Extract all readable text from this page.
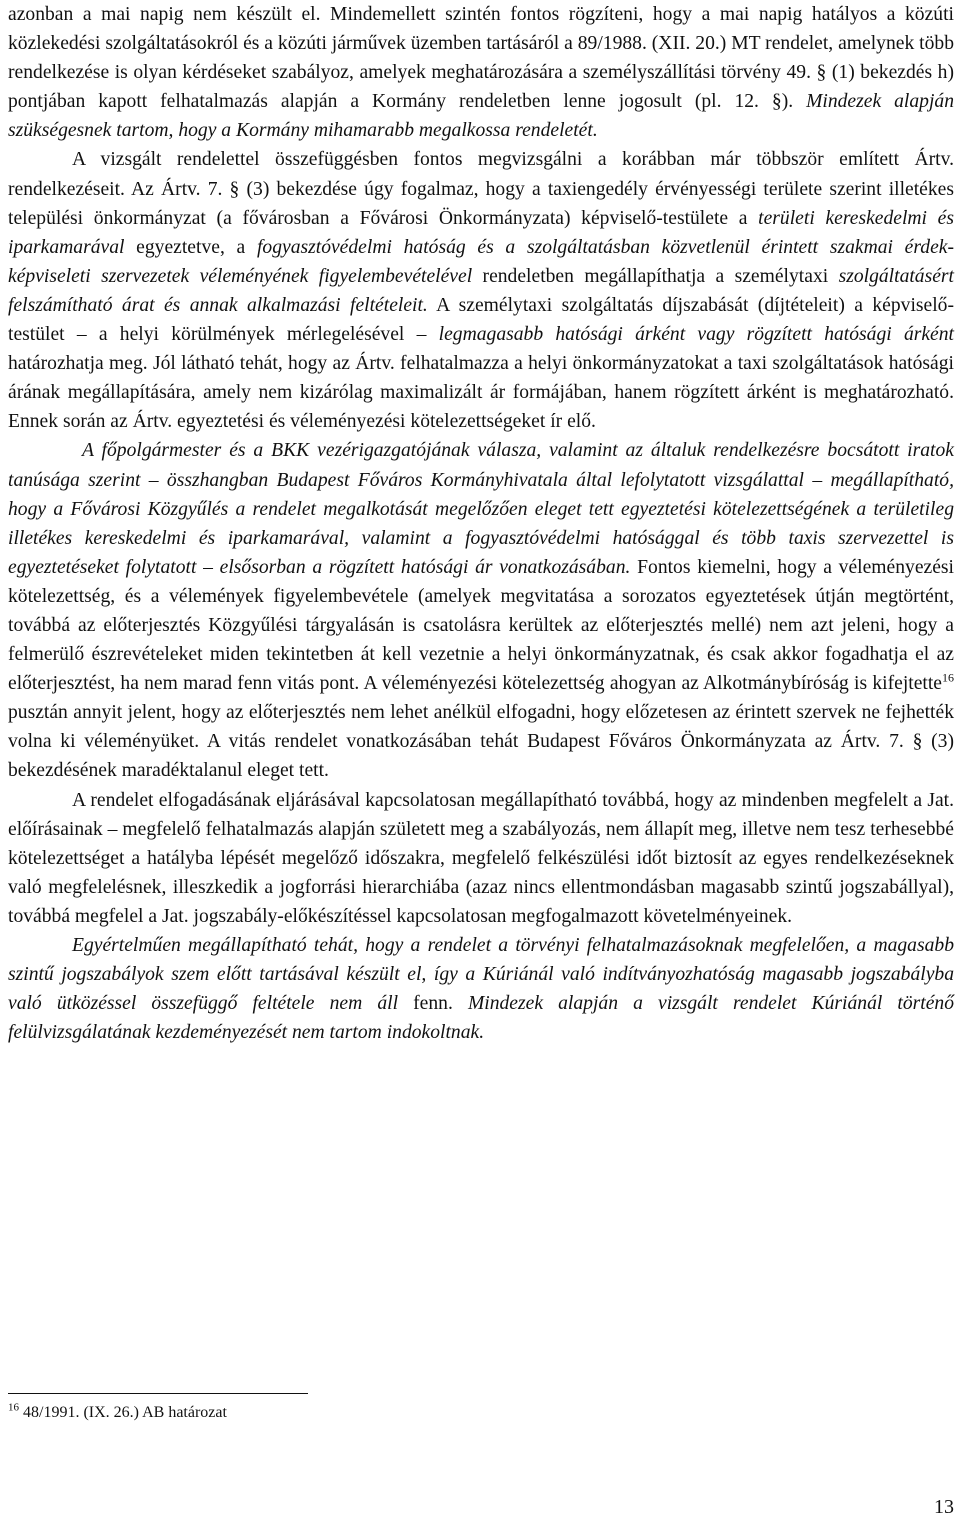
azonban a mai napig nem készült el. Mindemellett szintén fontos rögzíteni, hogy a mai napig hatályos a közúti közlekedési szolgáltatásokról és a közúti járművek üzemben tartásáról a 89/1988. (XII. 20.) MT rendelet, amelynek több rendelkezése is olyan kérdéseket szabályoz, amelyek meghatározására a személyszállítási törvény 49. § (1) bekezdés h) pontjában kapott felhatalmazás alapján a Kormány rendeletben lenne jogosult (pl. 12. §). Mindezek alapján szükségesnek tartom, hogy a Kormány mihamarabb megalkossa rendeletét.

A vizsgált rendelettel összefüggésben fontos megvizsgálni a korábban már többször említett Ártv. rendelkezéseit. Az Ártv. 7. § (3) bekezdése úgy fogalmaz, hogy a taxiengedély érvényességi területe szerint illetékes települési önkormányzat (a fővárosban a Fővárosi Önkormányzata) képviselő-testülete a területi kereskedelmi és iparkamarával egyeztetve, a fogyasztóvédelmi hatóság és a szolgáltatásban közvetlenül érintett szakmai érdek-képviseleti szervezetek véleményének figyelembevételével rendeletben megállapíthatja a személytaxi szolgáltatásért felszámítható árat és annak alkalmazási feltételeit. A személytaxi szolgáltatás díjszabását (díjtételeit) a képviselő-testület – a helyi körülmények mérlegelésével – legmagasabb hatósági árként vagy rögzített hatósági árként határozhatja meg. Jól látható tehát, hogy az Ártv. felhatalmazza a helyi önkormányzatokat a taxi szolgáltatások hatósági árának megállapítására, amely nem kizárólag maximalizált ár formájában, hanem rögzített árként is meghatározható. Ennek során az Ártv. egyeztetési és véleményezési kötelezettségeket ír elő.

A főpolgármester és a BKK vezérigazgatójának válasza, valamint az általuk rendelkezésre bocsátott iratok tanúsága szerint – összhangban Budapest Főváros Kormányhivatala által lefolytatott vizsgálattal – megállapítható, hogy a Fővárosi Közgyűlés a rendelet megalkotását megelőzően eleget tett egyeztetési kötelezettségének a területileg illetékes kereskedelmi és iparkamarával, valamint a fogyasztóvédelmi hatósággal és több taxis szervezettel is egyeztetéseket folytatott – elsősorban a rögzített hatósági ár vonatkozásában. Fontos kiemelni, hogy a véleményezési kötelezettség, és a vélemények figyelembevétele (amelyek megvitatása a sorozatos egyeztetések útján megtörtént, továbbá az előterjesztés Közgyűlési tárgyalásán is csatolásra kerültek az előterjesztés mellé) nem azt jeleni, hogy a felmerülő észrevételeket miden tekintetben át kell vezetnie a helyi önkormányzatnak, és csak akkor fogadhatja el az előterjesztést, ha nem marad fenn vitás pont. A véleményezési kötelezettség ahogyan az Alkotmánybíróság is kifejtette$^{16}$ pusztán annyit jelent, hogy az előterjesztés nem lehet anélkül elfogadni, hogy előzetesen az érintett szervek ne fejhették volna ki véleményüket. A vitás rendelet vonatkozásában tehát Budapest Főváros Önkormányzata az Ártv. 7. § (3) bekezdésének maradéktalanul eleget tett.

A rendelet elfogadásának eljárásával kapcsolatosan megállapítható továbbá, hogy az mindenben megfelelt a Jat. előírásainak – megfelelő felhatalmazás alapján született meg a szabályozás, nem állapít meg, illetve nem tesz terhesebbé kötelezettséget a hatályba lépését megelőző időszakra, megfelelő felkészülési időt biztosít az egyes rendelkezéseknek való megfelelésnek, illeszkedik a jogforrási hierarchiába (azaz nincs ellentmondásban magasabb szintű jogszabállyal), továbbá megfelel a Jat. jogszabály-előkészítéssel kapcsolatosan megfogalmazott követelményeinek.

Egyértelműen megállapítható tehát, hogy a rendelet a törvényi felhatalmazásoknak megfelelően, a magasabb szintű jogszabályok szem előtt tartásával készült el, így a Kúriánál való indítványozhatóság magasabb jogszabályba való ütközéssel összefüggő feltétele nem áll fenn. Mindezek alapján a vizsgált rendelet Kúriánál történő felülvizsgálatának kezdeményezését nem tartom indokoltnak.

$^{16}$ 48/1991. (IX. 26.) AB határozat
13
